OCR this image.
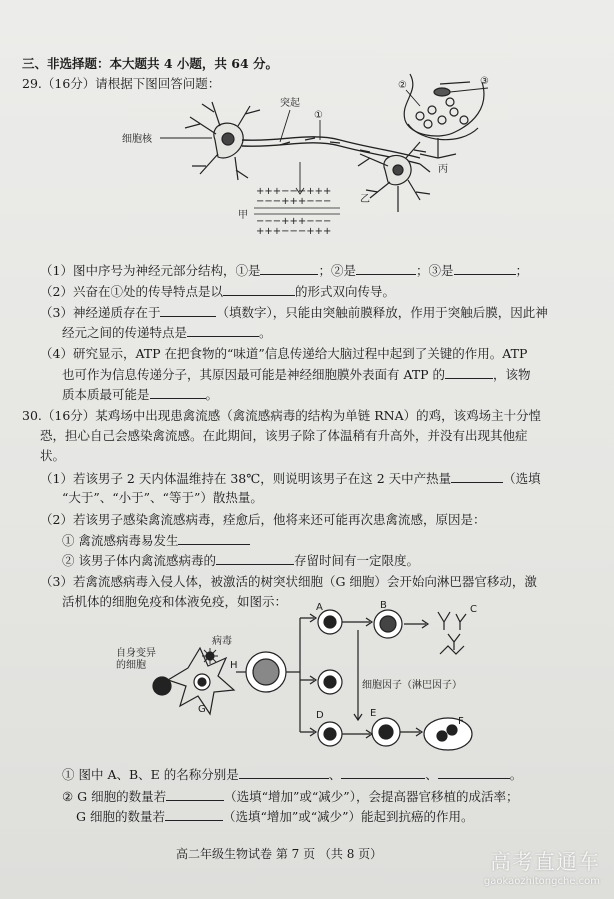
三、非选择题：本大题共 4 小题，共 64 分。
29.（16分）请根据下图回答问题：
细胞核
突起
①
②	③
丙
乙
甲
+++−−−+++
−−−+++−−−
−−−+++−−−
+++−−−+++
（1）图中序号为神经元部分结构，①是	；②是	；③是	；
（2）兴奋在①处的传导特点是以	的形式双向传导。
（3）神经递质存在于	（填数字），只能由突触前膜释放，作用于突触后膜，因此神
经元之间的传递特点是	。
（4）研究显示，ATP 在把食物的“味道”信息传递给大脑过程中起到了关键的作用。ATP
也可作为信息传递分子，其原因最可能是神经细胞膜外表面有 ATP 的	，该物
质本质最可能是	。
30.（16分）某鸡场中出现患禽流感（禽流感病毒的结构为单链 RNA）的鸡，该鸡场主十分惶
恐，担心自己会感染禽流感。在此期间，该男子除了体温稍有升高外，并没有出现其他症
状。
（1）若该男子 2 天内体温维持在 38℃，则说明该男子在这 2 天中产热量	（选填
“大于”、“小于”、“等于”）散热量。
（2）若该男子感染禽流感病毒，痊愈后，他将来还可能再次患禽流感，原因是：
① 禽流感病毒易发生
② 该男子体内禽流感病毒的	存留时间有一定限度。
（3）若禽流感病毒入侵人体，被激活的树突状细胞（G 细胞）会开始向淋巴器官移动，激
活机体的细胞免疫和体液免疫，如图示：
自身变异
的细胞
病毒
H
G
A	B	C
D	E
F
细胞因子（淋巴因子）
① 图中 A、B、E 的名称分别是	、	、	。
② G 细胞的数量若	（选填“增加”或“减少”），会提高器官移植的成活率；
G 细胞的数量若	（选填“增加”或“减少”）能起到抗癌的作用。
高二年级生物试卷 第 7 页 （共 8 页）	高考直通车
gaokaozhitongche.com
